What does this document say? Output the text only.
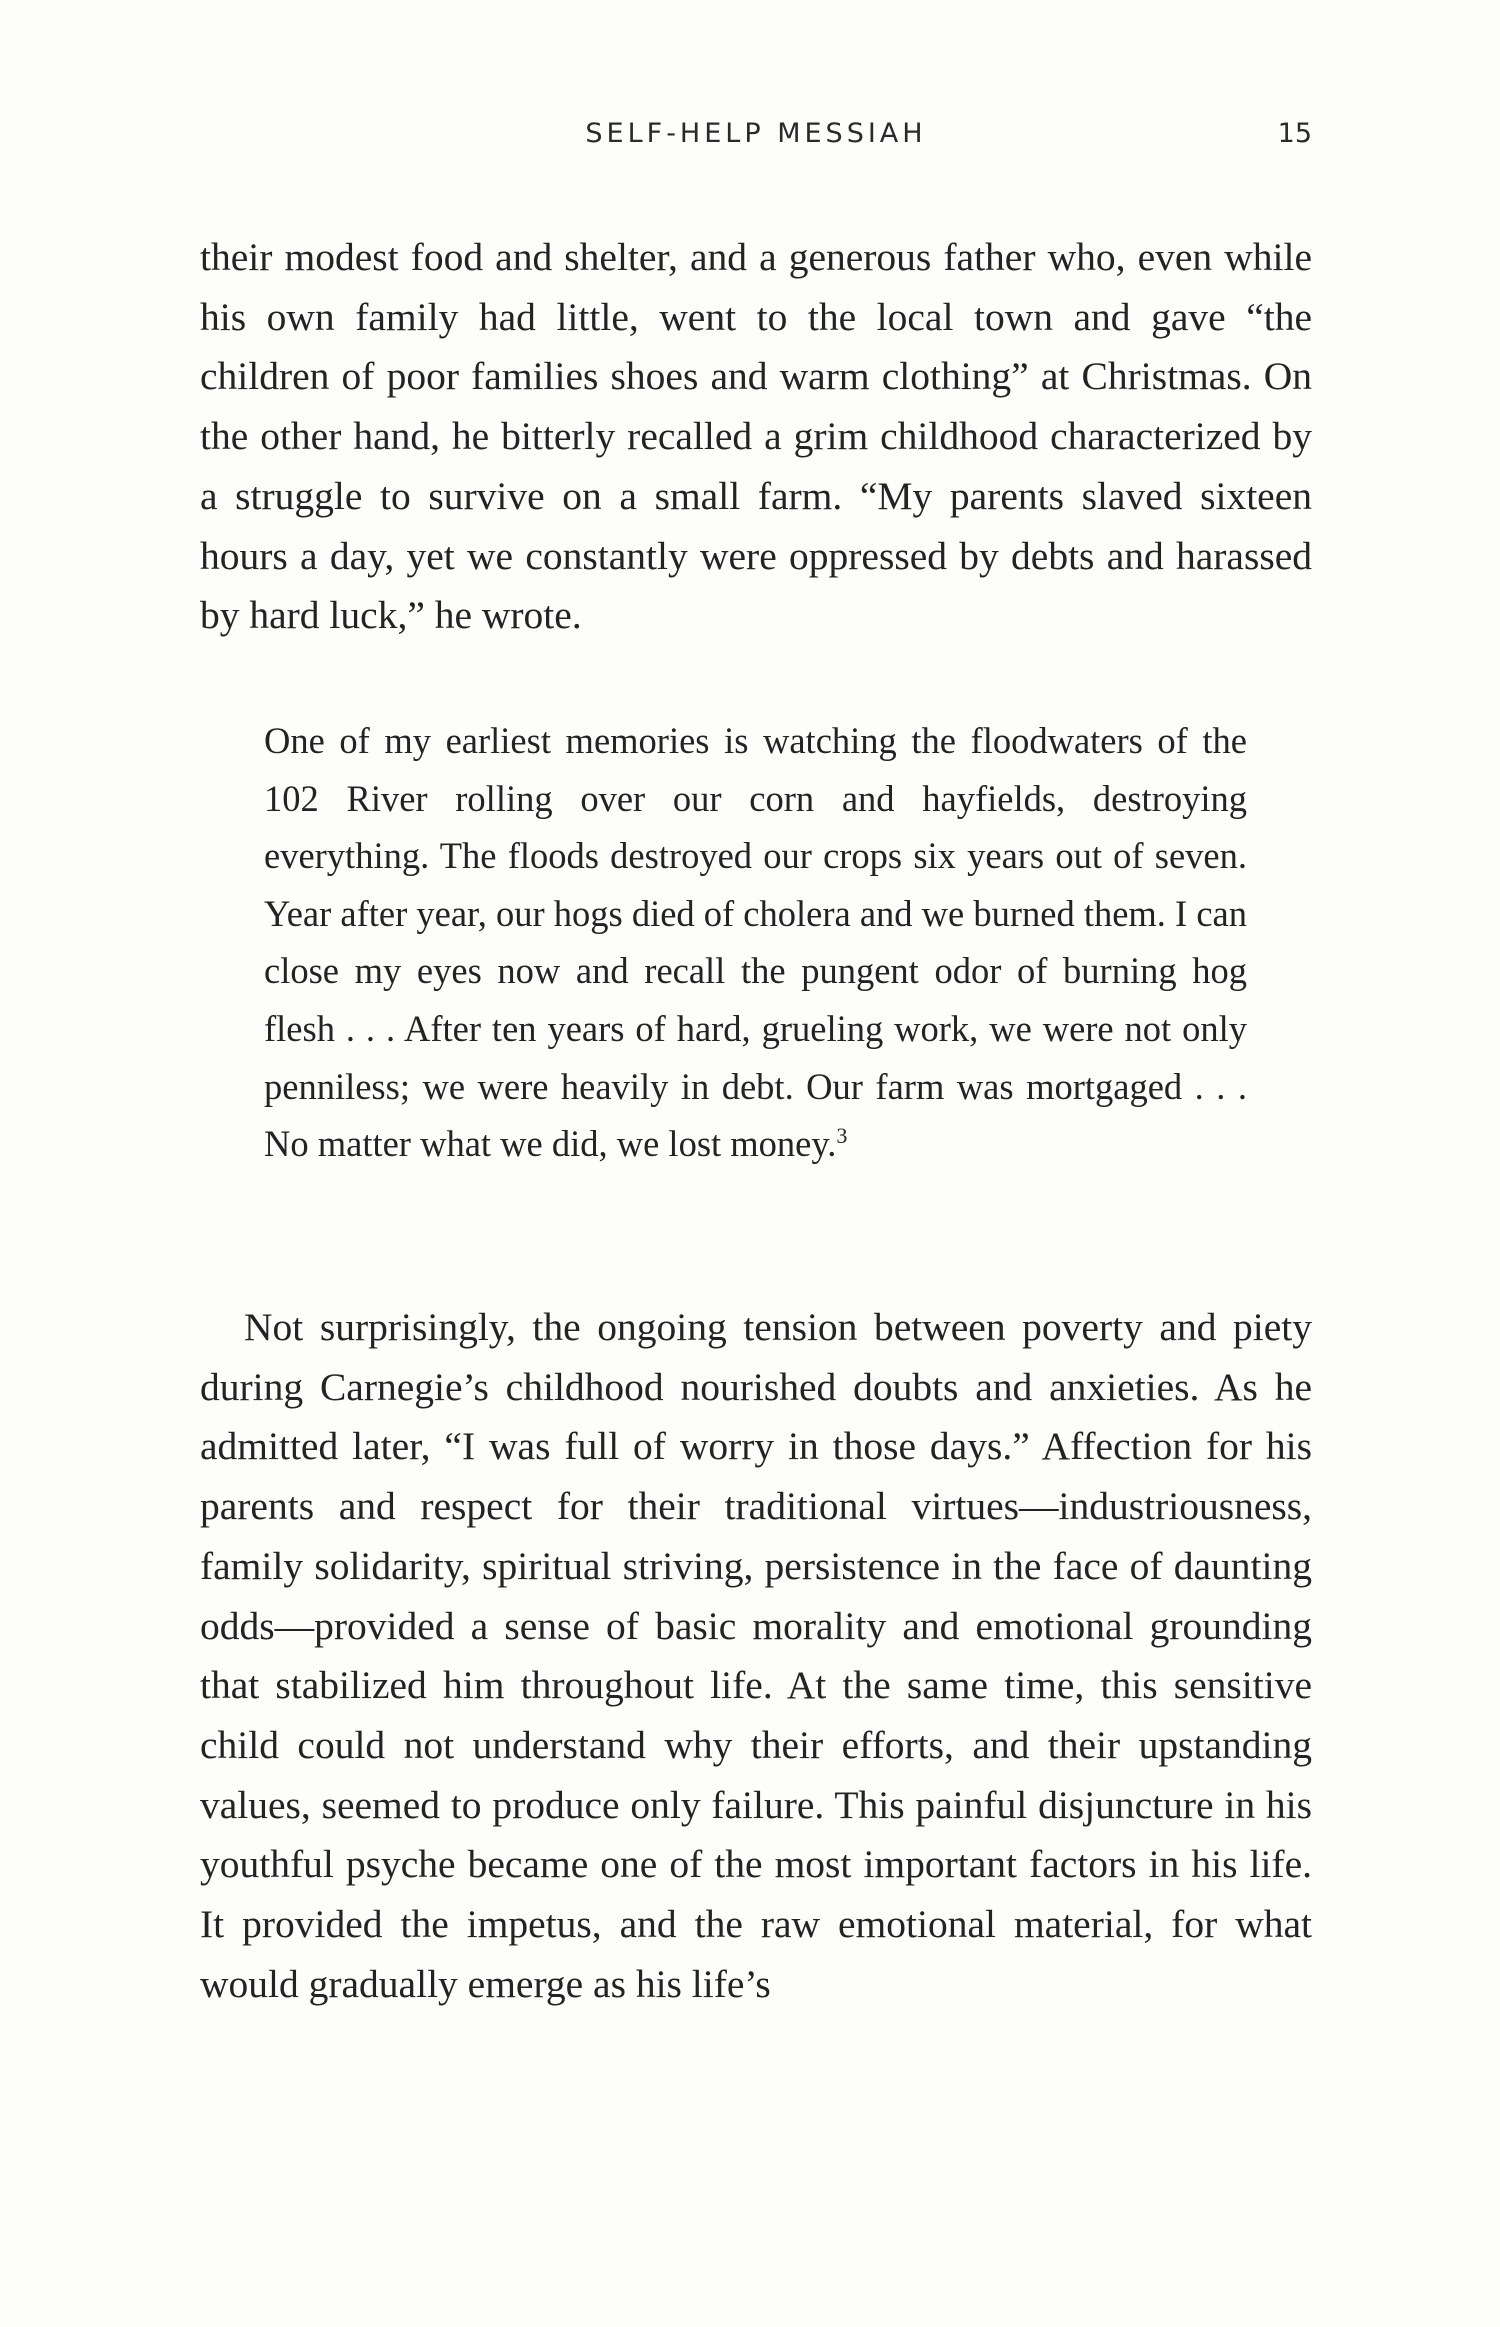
SELF-HELP MESSIAH	15

their modest food and shelter, and a generous father who, even while his own family had little, went to the local town and gave “the children of poor families shoes and warm clothing” at Christmas. On the other hand, he bitterly recalled a grim childhood characterized by a struggle to survive on a small farm. “My parents slaved sixteen hours a day, yet we constantly were oppressed by debts and harassed by hard luck,” he wrote.

One of my earliest memories is watching the floodwaters of the 102 River rolling over our corn and hayfields, destroying everything. The floods destroyed our crops six years out of seven. Year after year, our hogs died of cholera and we burned them. I can close my eyes now and recall the pungent odor of burning hog flesh . . . After ten years of hard, grueling work, we were not only penniless; we were heavily in debt. Our farm was mortgaged . . . No matter what we did, we lost money.$^3$

Not surprisingly, the ongoing tension between poverty and piety during Carnegie’s childhood nourished doubts and anxieties. As he admitted later, “I was full of worry in those days.” Affection for his parents and respect for their traditional virtues—industriousness, family solidarity, spiritual striving, persistence in the face of daunting odds—provided a sense of basic morality and emotional grounding that stabilized him throughout life. At the same time, this sensitive child could not understand why their efforts, and their upstanding values, seemed to produce only failure. This painful disjuncture in his youthful psyche became one of the most important factors in his life. It provided the impetus, and the raw emotional material, for what would gradually emerge as his life’s
